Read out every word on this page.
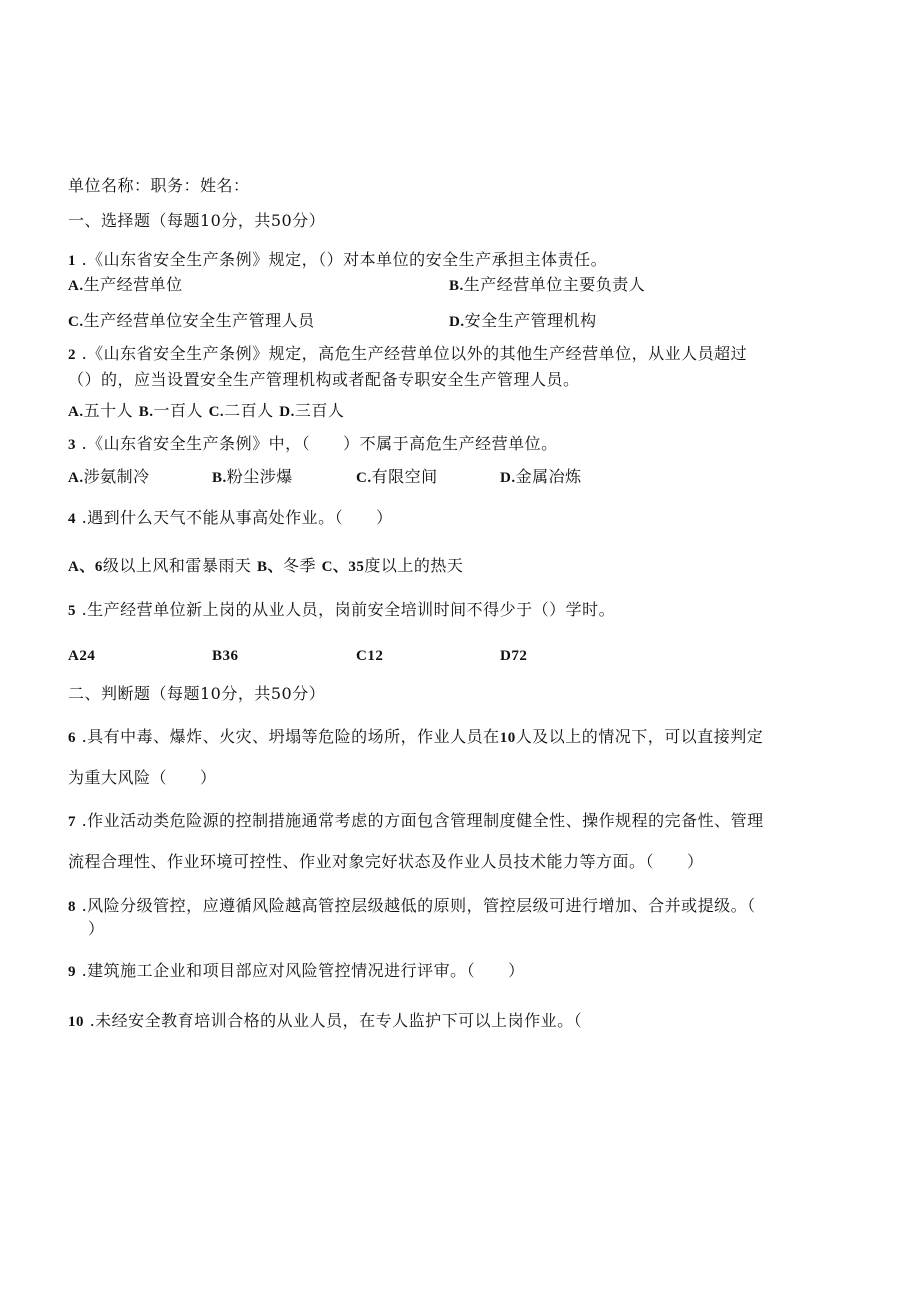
单位名称：职务：姓名：
一、选择题（每题10分，共50分）
1 .《山东省安全生产条例》规定，（）对本单位的安全生产承担主体责任。
A.生产经营单位	B.生产经营单位主要负责人
C.生产经营单位安全生产管理人员	D.安全生产管理机构
2 .《山东省安全生产条例》规定，高危生产经营单位以外的其他生产经营单位，从业人员超过
（）的，应当设置安全生产管理机构或者配备专职安全生产管理人员。
A.五十人 B.一百人 C.二百人 D.三百人
3 .《山东省安全生产条例》中，（　　）不属于高危生产经营单位。
A.涉氨制冷	B.粉尘涉爆	C.有限空间	D.金属冶炼
4 .遇到什么天气不能从事高处作业。（　　）
A、6级以上风和雷暴雨天 B、冬季 C、35度以上的热天
5 .生产经营单位新上岗的从业人员，岗前安全培训时间不得少于（）学时。
A24	B36	C12	D72
二、判断题（每题10分，共50分）
6 .具有中毒、爆炸、火灾、坍塌等危险的场所，作业人员在10人及以上的情况下，可以直接判定
为重大风险（　　）
7 .作业活动类危险源的控制措施通常考虑的方面包含管理制度健全性、操作规程的完备性、管理
流程合理性、作业环境可控性、作业对象完好状态及作业人员技术能力等方面。（　　）
8 .风险分级管控，应遵循风险越高管控层级越低的原则，管控层级可进行增加、合并或提级。（
）
9 .建筑施工企业和项目部应对风险管控情况进行评审。（　　）
10 .未经安全教育培训合格的从业人员，在专人监护下可以上岗作业。（
